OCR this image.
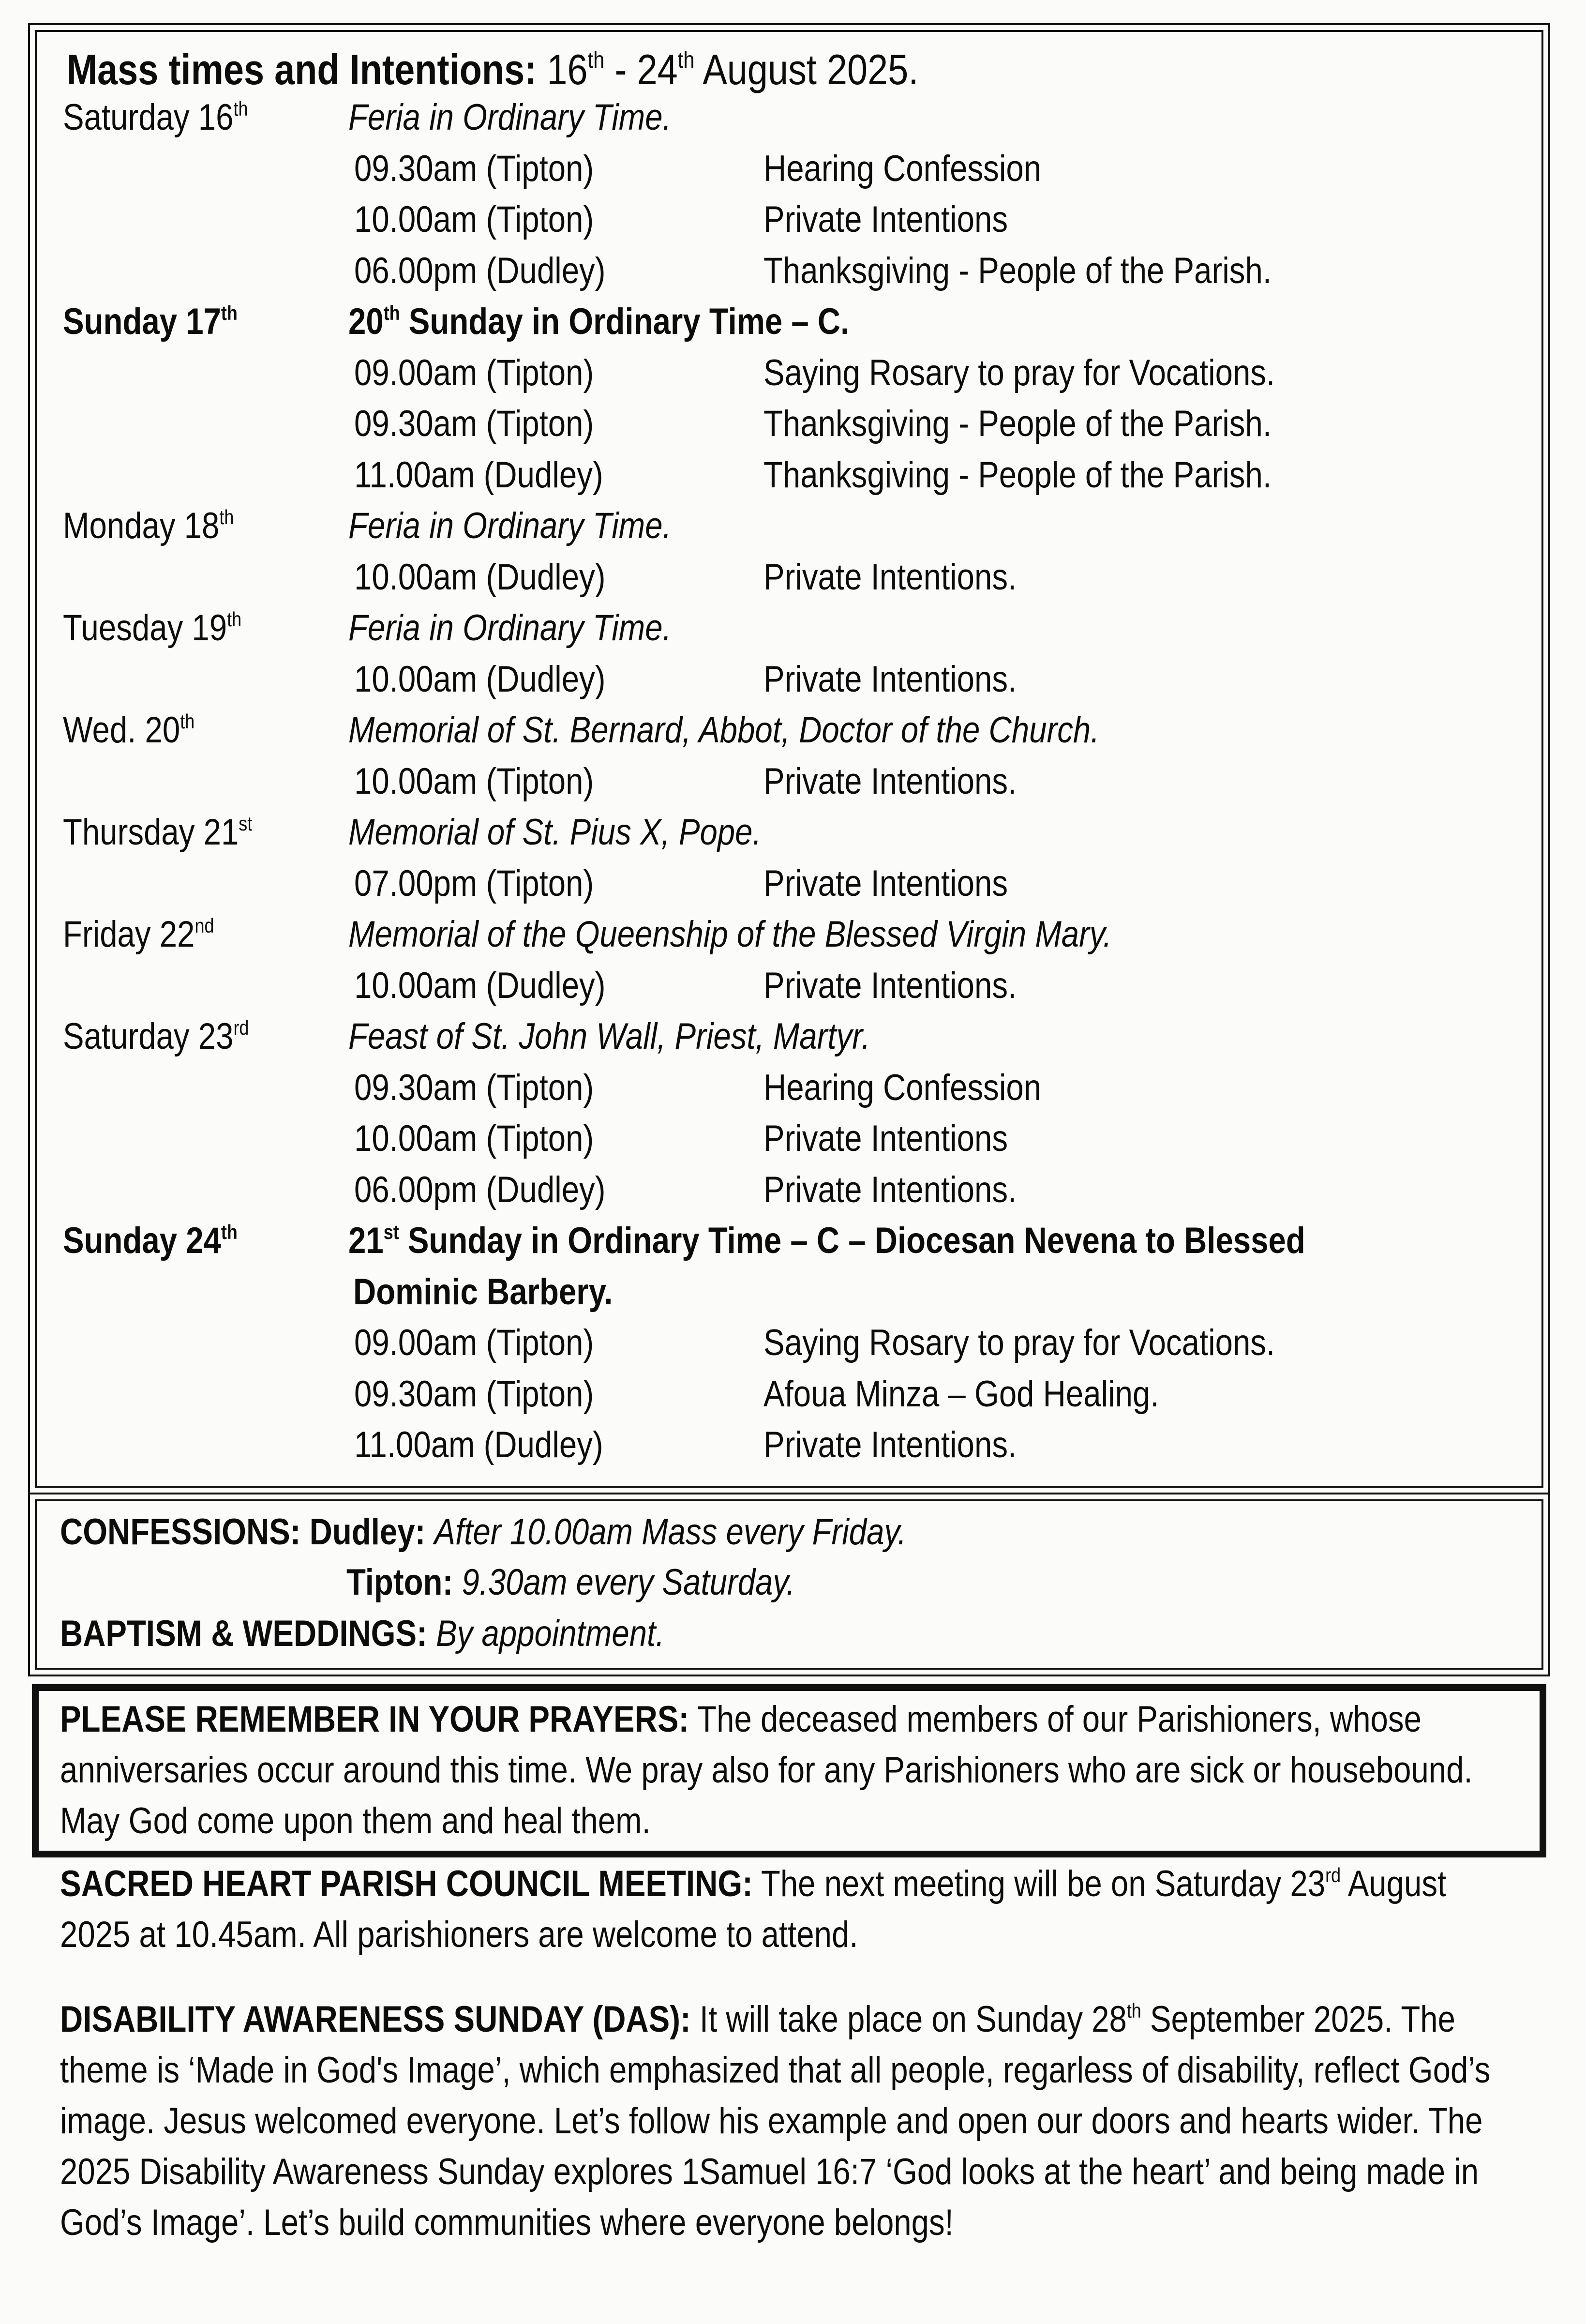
Mass times and Intentions: 16th - 24th August 2025.
Saturday 16th	Feria in Ordinary Time.
09.30am (Tipton)	Hearing Confession
10.00am (Tipton)	Private Intentions
06.00pm (Dudley)	Thanksgiving - People of the Parish.
Sunday 17th	20th Sunday in Ordinary Time – C.
09.00am (Tipton)	Saying Rosary to pray for Vocations.
09.30am (Tipton)	Thanksgiving - People of the Parish.
11.00am (Dudley)	Thanksgiving - People of the Parish.
Monday 18th	Feria in Ordinary Time.
10.00am (Dudley)	Private Intentions.
Tuesday 19th	Feria in Ordinary Time.
10.00am (Dudley)	Private Intentions.
Wed. 20th	Memorial of St. Bernard, Abbot, Doctor of the Church.
10.00am (Tipton)	Private Intentions.
Thursday 21st	Memorial of St. Pius X, Pope.
07.00pm (Tipton)	Private Intentions
Friday 22nd	Memorial of the Queenship of the Blessed Virgin Mary.
10.00am (Dudley)	Private Intentions.
Saturday 23rd	Feast of St. John Wall, Priest, Martyr.
09.30am (Tipton)	Hearing Confession
10.00am (Tipton)	Private Intentions
06.00pm (Dudley)	Private Intentions.
Sunday 24th	21st Sunday in Ordinary Time – C – Diocesan Nevena to Blessed
Dominic Barbery.
09.00am (Tipton)	Saying Rosary to pray for Vocations.
09.30am (Tipton)	Afoua Minza – God Healing.
11.00am (Dudley)	Private Intentions.
CONFESSIONS: Dudley: After 10.00am Mass every Friday.
Tipton: 9.30am every Saturday.
BAPTISM & WEDDINGS: By appointment.
PLEASE REMEMBER IN YOUR PRAYERS: The deceased members of our Parishioners, whose anniversaries occur around this time. We pray also for any Parishioners who are sick or housebound. May God come upon them and heal them.
SACRED HEART PARISH COUNCIL MEETING: The next meeting will be on Saturday 23rd August 2025 at 10.45am. All parishioners are welcome to attend.
DISABILITY AWARENESS SUNDAY (DAS): It will take place on Sunday 28th September 2025. The theme is ‘Made in God's Image’, which emphasized that all people, regarless of disability, reflect God’s image. Jesus welcomed everyone. Let’s follow his example and open our doors and hearts wider. The 2025 Disability Awareness Sunday explores 1Samuel 16:7 ‘God looks at the heart’ and being made in God’s Image’. Let’s build communities where everyone belongs!
